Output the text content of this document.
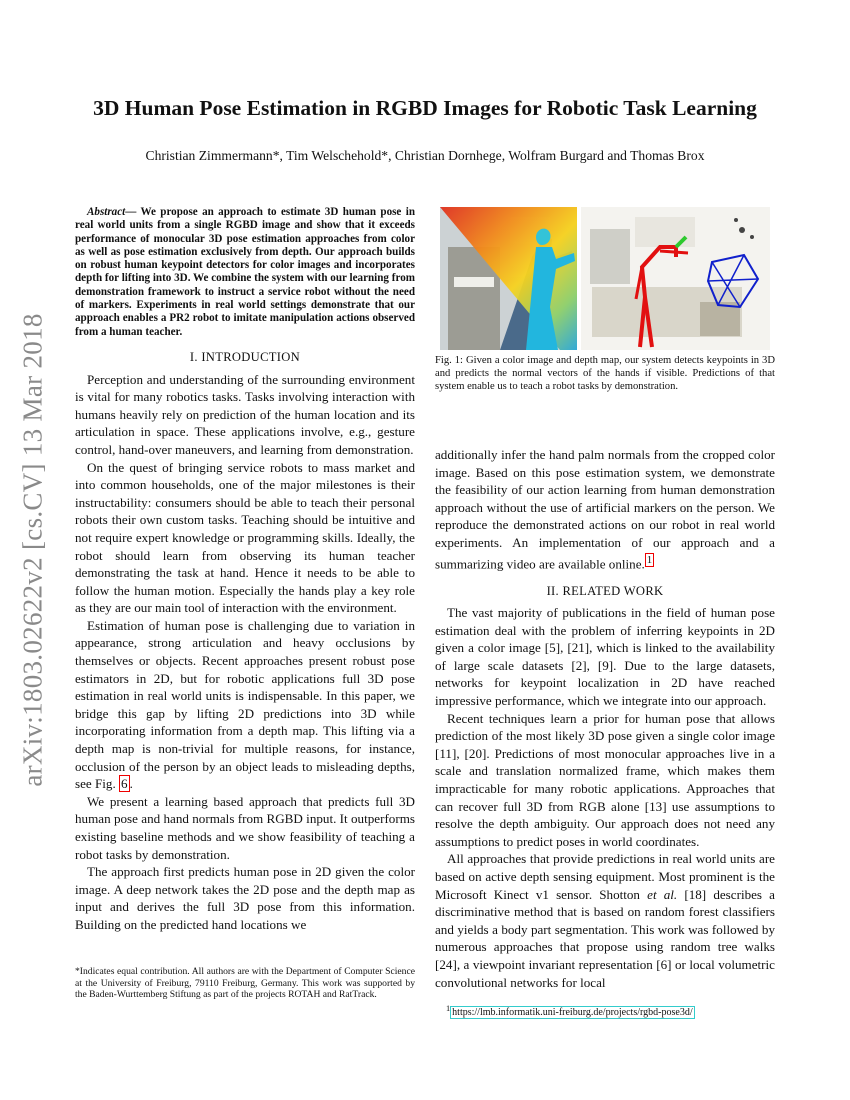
arXiv:1803.02622v2 [cs.CV] 13 Mar 2018
3D Human Pose Estimation in RGBD Images for Robotic Task Learning
Christian Zimmermann*, Tim Welschehold*, Christian Dornhege, Wolfram Burgard and Thomas Brox

Abstract— We propose an approach to estimate 3D human pose in real world units from a single RGBD image and show that it exceeds performance of monocular 3D pose estimation approaches from color as well as pose estimation exclusively from depth. Our approach builds on robust human keypoint detectors for color images and incorporates depth for lifting into 3D. We combine the system with our learning from demonstration framework to instruct a service robot without the need of markers. Experiments in real world settings demonstrate that our approach enables a PR2 robot to imitate manipulation actions observed from a human teacher.

I. INTRODUCTION

Perception and understanding of the surrounding environment is vital for many robotics tasks. Tasks involving interaction with humans heavily rely on prediction of the human location and its articulation in space. These applications involve, e.g., gesture control, hand-over maneuvers, and learning from demonstration.

On the quest of bringing service robots to mass market and into common households, one of the major milestones is their instructability: consumers should be able to teach their personal robots their own custom tasks. Teaching should be intuitive and not require expert knowledge or programming skills. Ideally, the robot should learn from observing its human teacher demonstrating the task at hand. Hence it needs to be able to follow the human motion. Especially the hands play a key role as they are our main tool of interaction with the environment.

Estimation of human pose is challenging due to variation in appearance, strong articulation and heavy occlusions by themselves or objects. Recent approaches present robust pose estimators in 2D, but for robotic applications full 3D pose estimation in real world units is indispensable. In this paper, we bridge this gap by lifting 2D predictions into 3D while incorporating information from a depth map. This lifting via a depth map is non-trivial for multiple reasons, for instance, occlusion of the person by an object leads to misleading depths, see Fig. 6 .

We present a learning based approach that predicts full 3D human pose and hand normals from RGBD input. It outperforms existing baseline methods and we show feasibility of teaching a robot tasks by demonstration.

The approach first predicts human pose in 2D given the color image. A deep network takes the 2D pose and the depth map as input and derives the full 3D pose from this information. Building on the predicted hand locations we

*Indicates equal contribution. All authors are with the Department of Computer Science at the University of Freiburg, 79110 Freiburg, Germany. This work was supported by the Baden-Wurttemberg Stiftung as part of the projects ROTAH and RatTrack.
Fig. 1: Given a color image and depth map, our system detects keypoints in 3D and predicts the normal vectors of the hands if visible. Predictions of that system enable us to teach a robot tasks by demonstration.

additionally infer the hand palm normals from the cropped color image. Based on this pose estimation system, we demonstrate the feasibility of our action learning from human demonstration approach without the use of artificial markers on the person. We reproduce the demonstrated actions on our robot in real world experiments. An implementation of our approach and a summarizing video are available online. $^1$

II. RELATED WORK

The vast majority of publications in the field of human pose estimation deal with the problem of inferring keypoints in 2D given a color image [5], [21], which is linked to the availability of large scale datasets [2], [9]. Due to the large datasets, networks for keypoint localization in 2D have reached impressive performance, which we integrate into our approach.

Recent techniques learn a prior for human pose that allows prediction of the most likely 3D pose given a single color image [11], [20]. Predictions of most monocular approaches live in a scale and translation normalized frame, which makes them impracticable for many robotic applications. Approaches that can recover full 3D from RGB alone [13] use assumptions to resolve the depth ambiguity. Our approach does not need any assumptions to predict poses in world coordinates.

All approaches that provide predictions in real world units are based on active depth sensing equipment. Most prominent is the Microsoft Kinect v1 sensor. Shotton et al. [18] describes a discriminative method that is based on random forest classifiers and yields a body part segmentation. This work was followed by numerous approaches that propose using random tree walks [24], a viewpoint invariant representation [6] or local volumetric convolutional networks for local

$^1$ https://lmb.informatik.uni-freiburg.de/projects/rgbd-pose3d/
